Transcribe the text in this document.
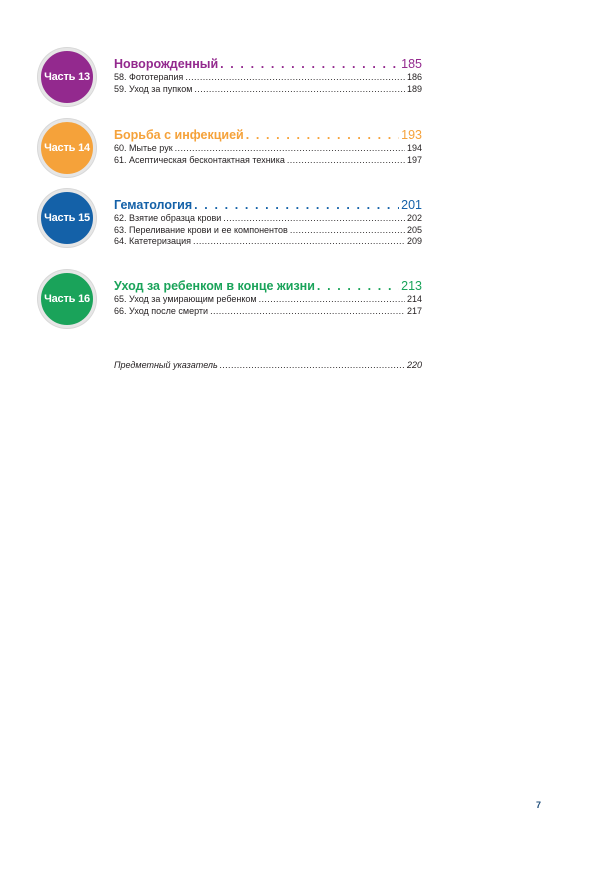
Часть 13
Новорожденный . . .	185
58. Фототерапия .....	186
59. Уход за пупком .....	189
Часть 14
Борьба с инфекцией . . .	193
60. Мытье рук .....	194
61. Асептическая бесконтактная техника .....	197
Часть 15
Гематология . . .	201
62. Взятие образца крови .....	202
63. Переливание крови и ее компонентов .....	205
64. Катетеризация .....	209
Часть 16
Уход за ребенком в конце жизни . . .	213
65. Уход за умирающим ребенком .....	214
66. Уход после смерти .....	217
Предметный указатель .....	220
7
